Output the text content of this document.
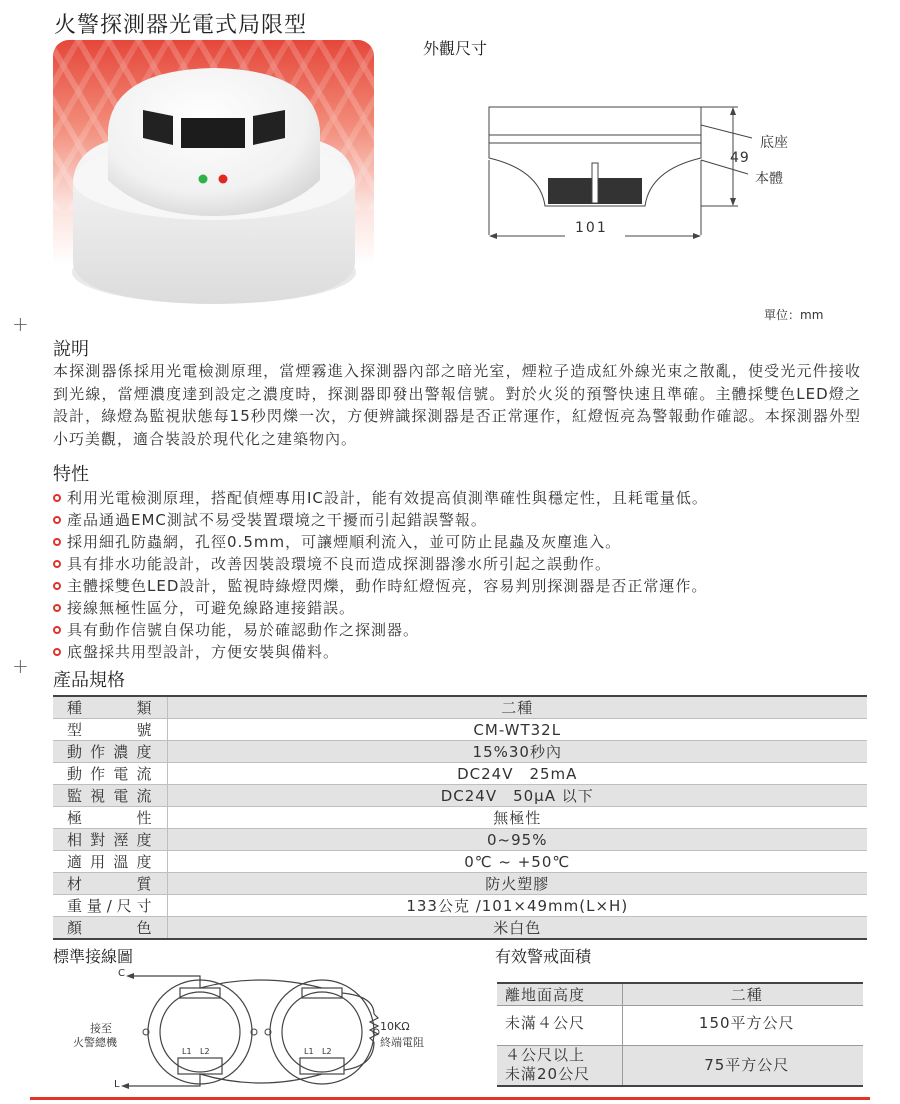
火警探測器光電式局限型
外觀尺寸
101
49
底座
本體
單位：mm
+
+
說明
本探測器係採用光電檢測原理，當煙霧進入探測器內部之暗光室，煙粒子造成紅外線光束之散亂，使受光元件接收到光線，當煙濃度達到設定之濃度時，探測器即發出警報信號。對於火災的預警快速且準確。主體採雙色LED燈之設計，綠燈為監視狀態每15秒閃爍一次，方便辨識探測器是否正常運作，紅燈恆亮為警報動作確認。本探測器外型小巧美觀，適合裝設於現代化之建築物內。
特性
利用光電檢測原理，搭配偵煙專用IC設計，能有效提高偵測準確性與穩定性，且耗電量低。
產品通過EMC測試不易受裝置環境之干擾而引起錯誤警報。
採用細孔防蟲網，孔徑0.5mm，可讓煙順利流入，並可防止昆蟲及灰塵進入。
具有排水功能設計，改善因裝設環境不良而造成探測器滲水所引起之誤動作。
主體採雙色LED設計，監視時綠燈閃爍，動作時紅燈恆亮，容易判別探測器是否正常運作。
接線無極性區分，可避免線路連接錯誤。
具有動作信號自保功能，易於確認動作之探測器。
底盤採共用型設計，方便安裝與備料。
產品規格
種類	二種
型號	CM-WT32L
動作濃度	15%30秒內
動作電流	DC24V　25mA
監視電流	DC24V　50μA 以下
極性	無極性
相對溼度	0~95%
適用溫度	0℃ ~ +50℃
材質	防火塑膠
重量/尺寸	133公克 /101×49mm(L×H)
顏色	米白色
標準接線圖
C
L
接至
火警總機
10KΩ
終端電阻
L1 L2	L1 L2
有效警戒面積
離地面高度	二種
未滿４公尺	150平方公尺

４公尺以上
未滿20公尺	75平方公尺
